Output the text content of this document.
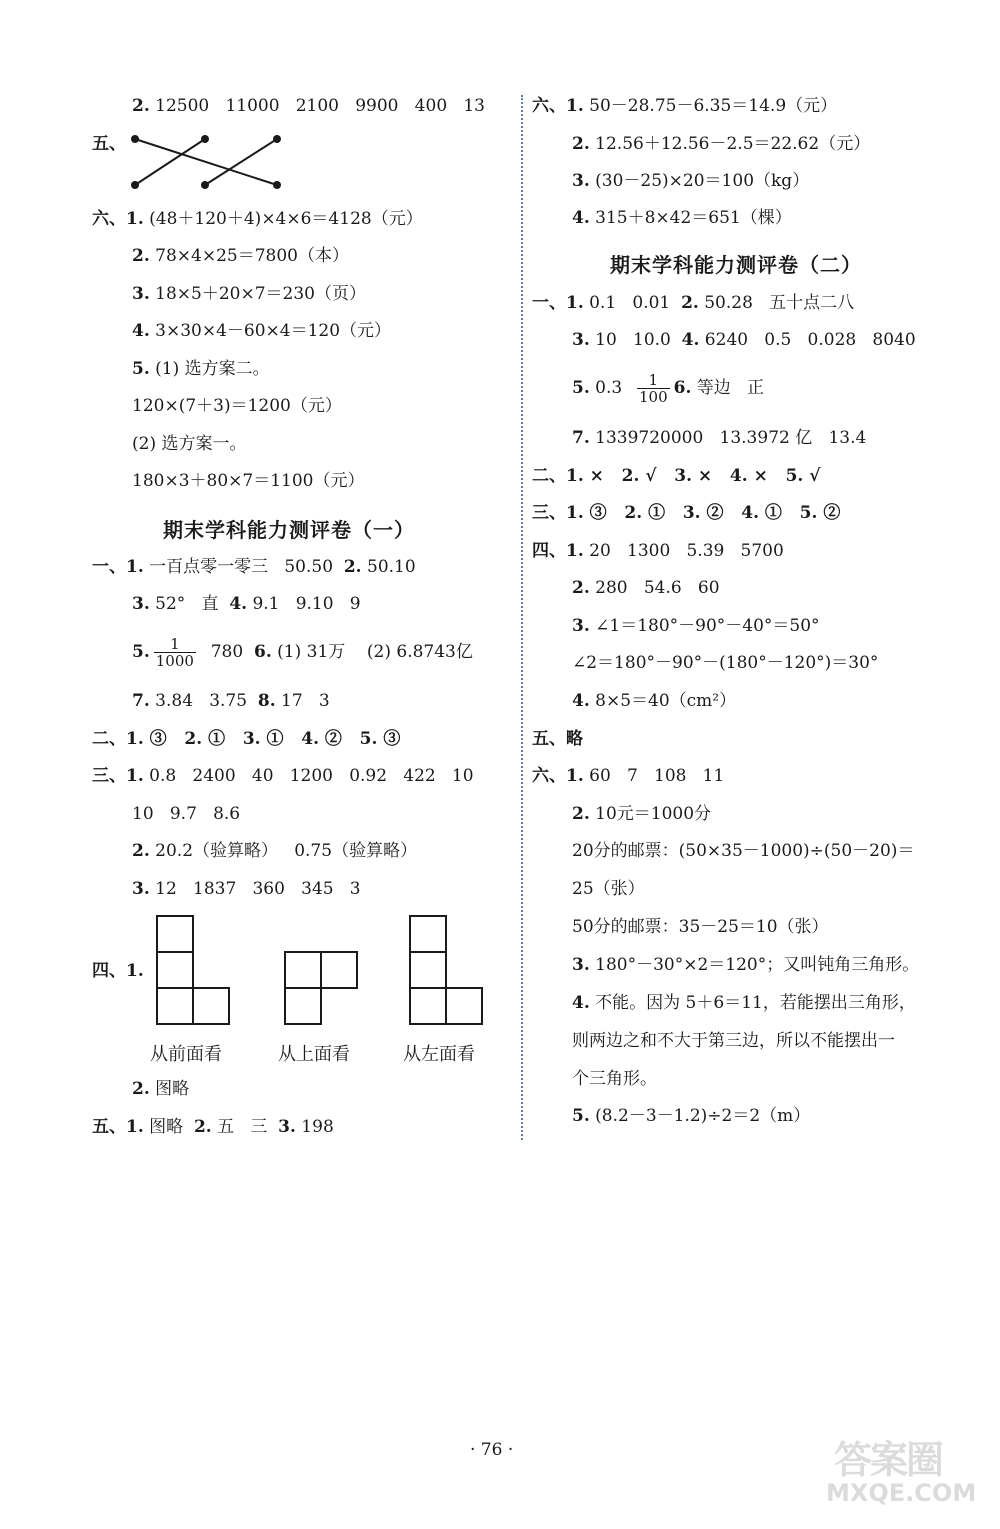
2. 12500   11000   2100   9900   400   13
五、
六、1. (48＋120＋4)×4×6＝4128（元）
2. 78×4×25＝7800（本）
3. 18×5＋20×7＝230（页）
4. 3×30×4－60×4＝120（元）
5. (1) 选方案二。
120×(7＋3)＝1200（元）
(2) 选方案一。
180×3＋80×7＝1100（元）
期末学科能力测评卷（一）
一、1. 一百点零一零三   50.50  2. 50.10
3. 52°   直  4. 9.1   9.10   9
5. $\frac{1}{1000} 780$  6. (1) 31万    (2) 6.8743亿
7. 3.84   3.75  8. 17   3
二、1. ③   2. ①   3. ①   4. ②   5. ③
三、1. 0.8   2400   40   1200   0.92   422   10
10   9.7   8.6
2. 20.2（验算略）   0.75（验算略）
3. 12   1837   360   345   3
四、1.
从前面看	从上面看	从左面看
2. 图略
五、1. 图略  2. 五   三  3. 198
六、1. 50－28.75－6.35＝14.9（元）
2. 12.56＋12.56－2.5＝22.62（元）
3. (30－25)×20＝100（kg）
4. 315＋8×42＝651（棵）
期末学科能力测评卷（二）
一、1. 0.1   0.01  2. 50.28   五十点二八
3. 10   10.0  4. 6240   0.5   0.028   8040
5. $0.3 \frac{1}{100} 6$. 等边   正
7. 1339720000   13.3972 亿   13.4
二、1. ×   2. √   3. ×   4. ×   5. √
三、1. ③   2. ①   3. ②   4. ①   5. ②
四、1. 20   1300   5.39   5700
2. 280   54.6   60
3. ∠1＝180°－90°－40°＝50°
∠2＝180°－90°－(180°－120°)＝30°
4. 8×5＝40（cm²）
五、略
六、1. 60   7   108   11
2. 10元＝1000分
20分的邮票：(50×35－1000)÷(50－20)＝
25（张）
50分的邮票：35－25＝10（张）
3. 180°－30°×2＝120°；又叫钝角三角形。
4. 不能。因为 5＋6＝11，若能摆出三角形，
则两边之和不大于第三边，所以不能摆出一
个三角形。
5. (8.2－3－1.2)÷2＝2（m）
· 76 ·	答案圈
MXQE.COM
